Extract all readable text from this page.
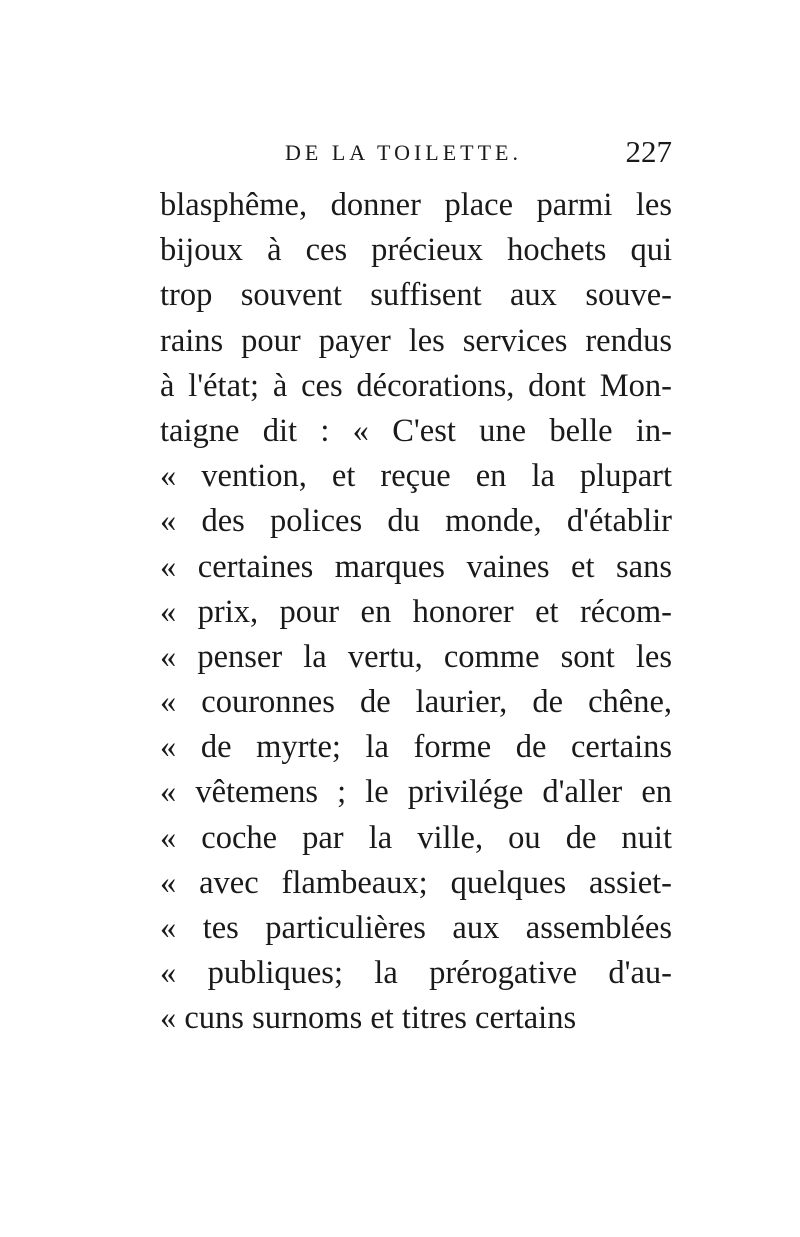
DE LA TOILETTE.	227
blasphême, donner place parmi les
bijoux à ces précieux hochets qui
trop souvent suffisent aux souve-
rains pour payer les services rendus
à l'état; à ces décorations, dont Mon-
taigne dit : « C'est une belle in-
« vention, et reçue en la plupart
« des polices du monde, d'établir
« certaines marques vaines et sans
« prix, pour en honorer et récom-
« penser la vertu, comme sont les
« couronnes de laurier, de chêne,
« de myrte; la forme de certains
« vêtemens ; le privilége d'aller en
« coche par la ville, ou de nuit
« avec flambeaux; quelques assiet-
« tes particulières aux assemblées
« publiques; la prérogative d'au-
« cuns surnoms et titres certains
